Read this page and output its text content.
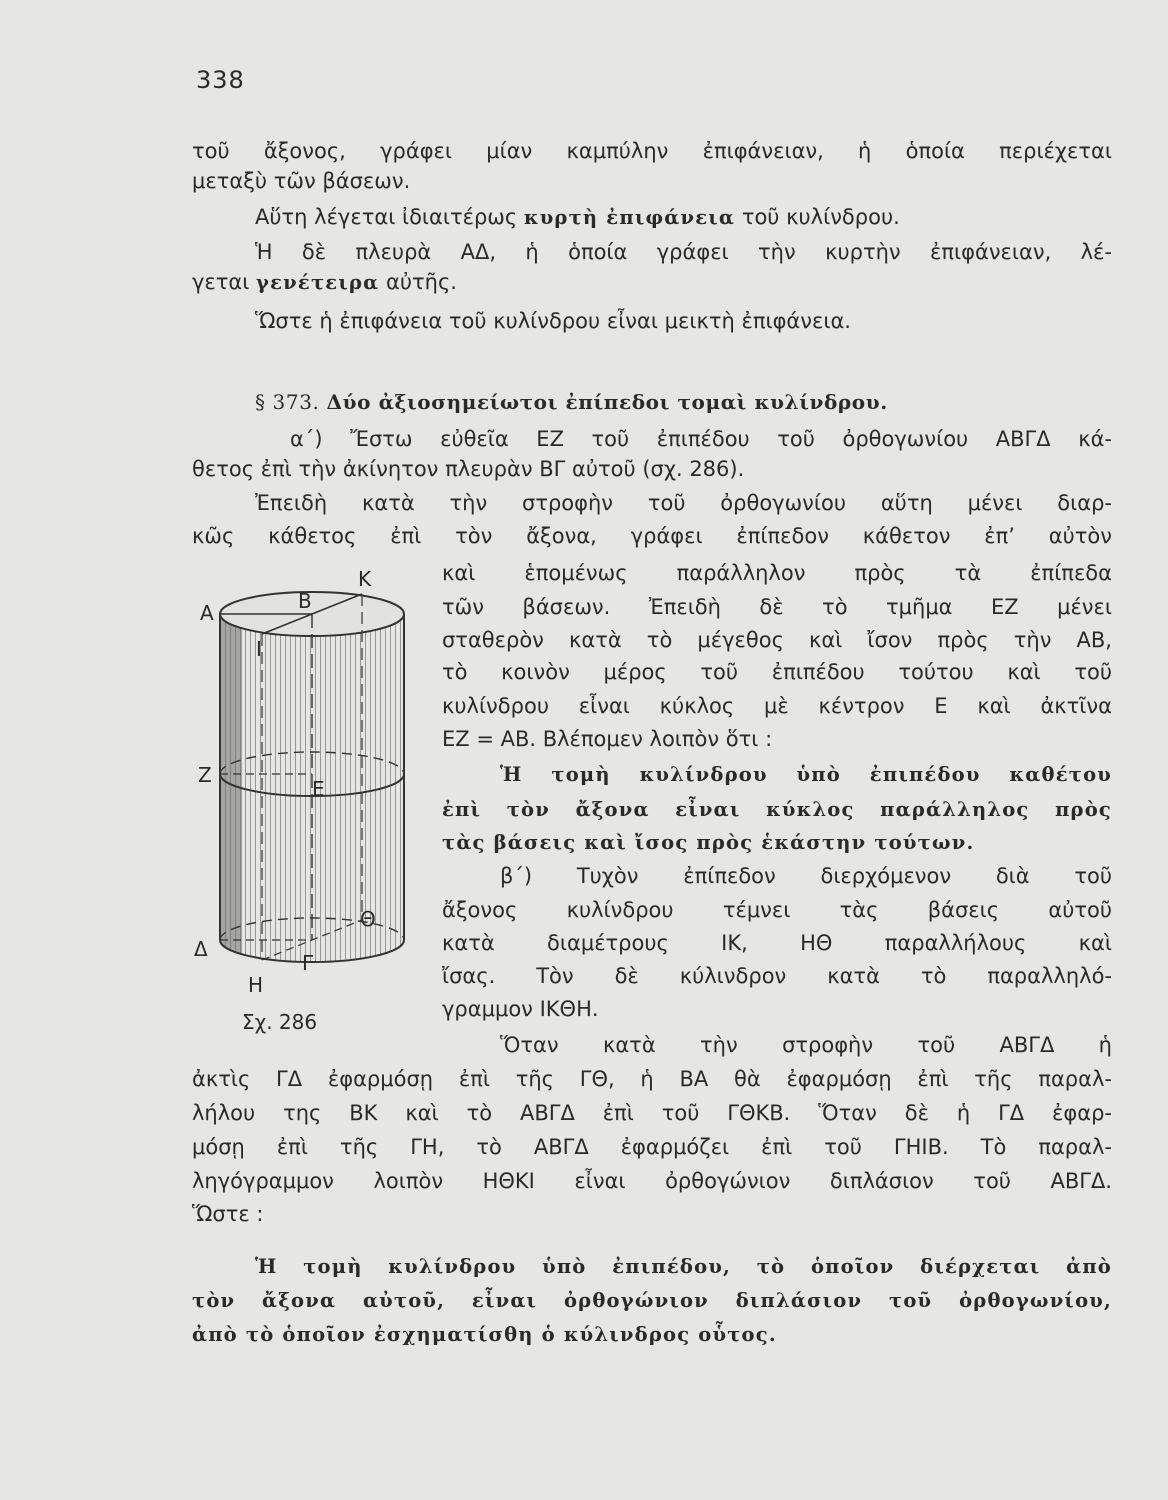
338
τοῦ ἄξονος, γράφει μίαν καμπύλην ἐπιφάνειαν, ἡ ὁποία περιέχεται
μεταξὺ τῶν βάσεων.
Αὕτη λέγεται ἰδιαιτέρως κυρτὴ ἐπιφάνεια τοῦ κυλίνδρου.
Ἡ δὲ πλευρὰ ΑΔ, ἡ ὁποία γράφει τὴν κυρτὴν ἐπιφάνειαν, λέ-
γεται γενέτειρα αὐτῆς.
Ὥστε ἡ ἐπιφάνεια τοῦ κυλίνδρου εἶναι μεικτὴ ἐπιφάνεια.
§ 373. Δύο ἀξιοσημείωτοι ἐπίπεδοι τομαὶ κυλίνδρου.
α΄) Ἔστω εὐθεῖα ΕΖ τοῦ ἐπιπέδου τοῦ ὀρθογωνίου ΑΒΓΔ κά-
θετος ἐπὶ τὴν ἀκίνητον πλευρὰν ΒΓ αὐτοῦ (σχ. 286).
Ἐπειδὴ κατὰ τὴν στροφὴν τοῦ ὀρθογωνίου αὕτη μένει διαρ-
κῶς κάθετος ἐπὶ τὸν ἄξονα, γράφει ἐπίπεδον κάθετον ἐπ’ αὐτὸν
καὶ ἑπομένως παράλληλον πρὸς τὰ ἐπίπεδα
τῶν βάσεων. Ἐπειδὴ δὲ τὸ τμῆμα ΕΖ μένει
σταθερὸν κατὰ τὸ μέγεθος καὶ ἴσον πρὸς τὴν ΑΒ,
τὸ κοινὸν μέρος τοῦ ἐπιπέδου τούτου καὶ τοῦ
κυλίνδρου εἶναι κύκλος μὲ κέντρον Ε καὶ ἀκτῖνα
ΕΖ = ΑΒ. Βλέπομεν λοιπὸν ὅτι :
Ἡ τομὴ κυλίνδρου ὑπὸ ἐπιπέδου καθέτου
ἐπὶ τὸν ἄξονα εἶναι κύκλος παράλληλος πρὸς
τὰς βάσεις καὶ ἴσος πρὸς ἑκάστην τούτων.
β΄) Τυχὸν ἐπίπεδον διερχόμενον διὰ τοῦ
ἄξονος κυλίνδρου τέμνει τὰς βάσεις αὐτοῦ
κατὰ διαμέτρους ΙΚ, ΗΘ παραλλήλους καὶ
ἴσας. Τὸν δὲ κύλινδρον κατὰ τὸ παραλληλό-
γραμμον ΙΚΘΗ.
Ὅταν κατὰ τὴν στροφὴν τοῦ ΑΒΓΔ ἡ
ἀκτὶς ΓΔ ἐφαρμόσῃ ἐπὶ τῆς ΓΘ, ἡ ΒΑ θὰ ἐφαρμόσῃ ἐπὶ τῆς παραλ-
λήλου της ΒΚ καὶ τὸ ΑΒΓΔ ἐπὶ τοῦ ΓΘΚΒ. Ὅταν δὲ ἡ ΓΔ ἐφαρ-
μόσῃ ἐπὶ τῆς ΓΗ, τὸ ΑΒΓΔ ἐφαρμόζει ἐπὶ τοῦ ΓΗΙΒ. Τὸ παραλ-
ληγόγραμμον λοιπὸν ΗΘΚΙ εἶναι ὀρθογώνιον διπλάσιον τοῦ ΑΒΓΔ.
Ὥστε :
Ἡ τομὴ κυλίνδρου ὑπὸ ἐπιπέδου, τὸ ὁποῖον διέρχεται ἀπὸ
τὸν ἄξονα αὐτοῦ, εἶναι ὀρθογώνιον διπλάσιον τοῦ ὀρθογωνίου,
ἀπὸ τὸ ὁποῖον ἐσχηματίσθη ὁ κύλινδρος οὗτος.
Α	Β
Κ
Ι
Ζ
Ε
Θ
Δ
Γ
Η
Σχ. 286
